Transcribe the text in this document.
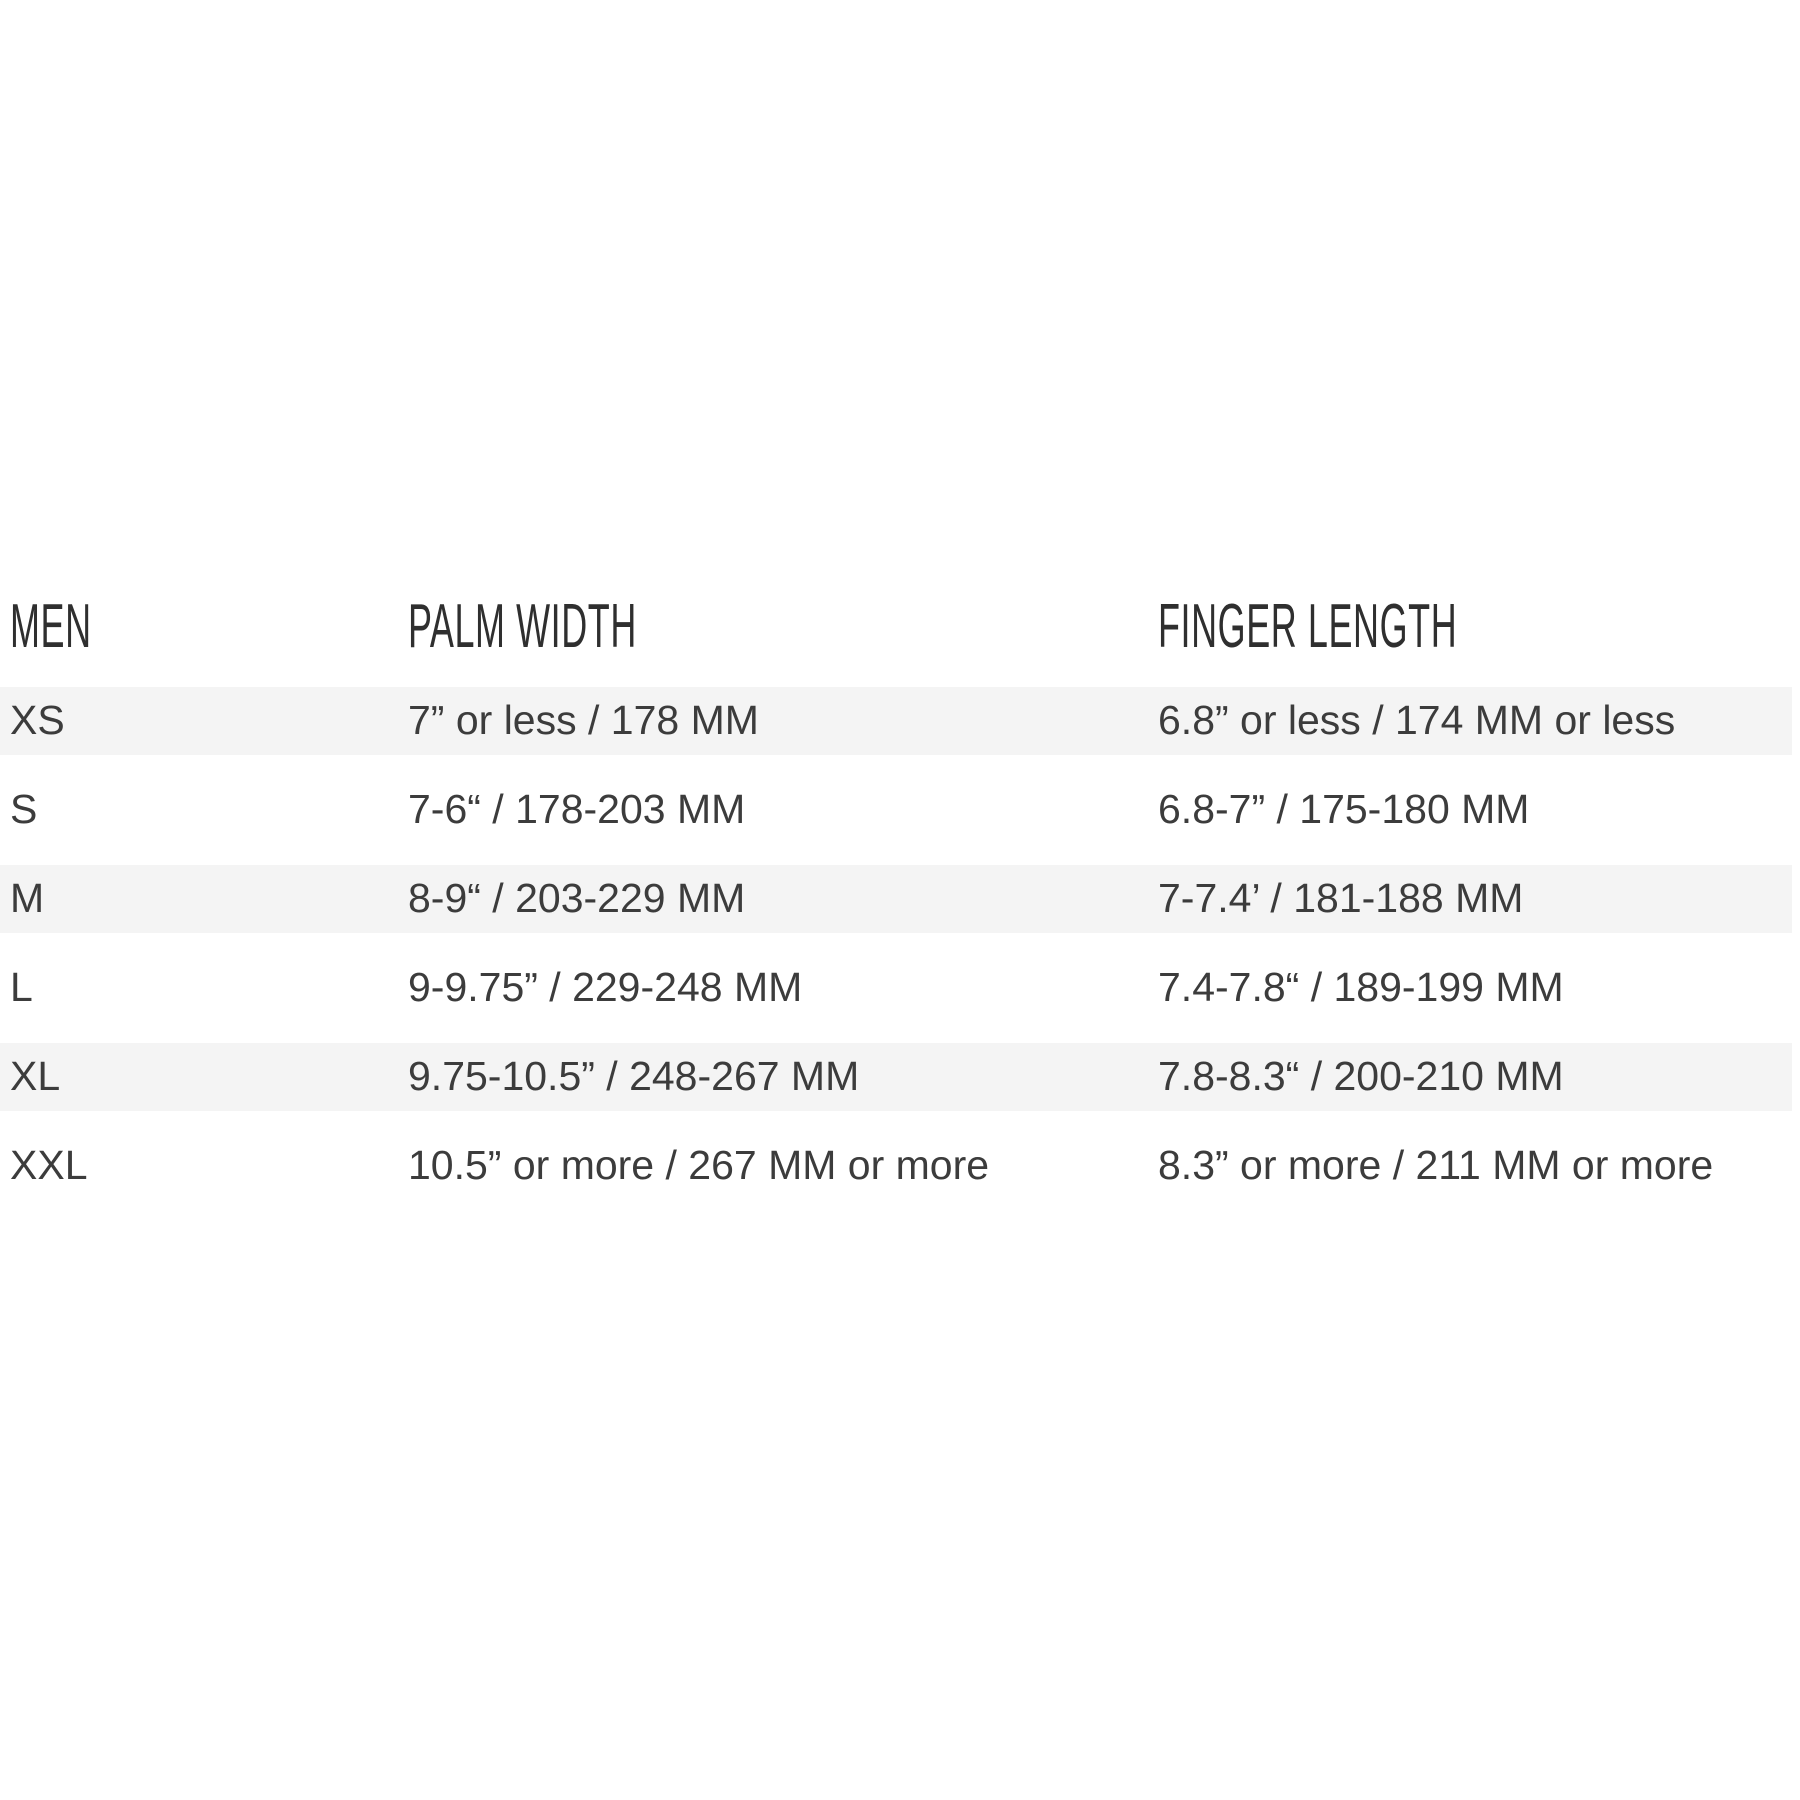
MEN	PALM WIDTH	FINGER LENGTH
XS	7” or less / 178 MM	6.8” or less / 174 MM or less
S	7-6“ / 178-203 MM	6.8-7” / 175-180 MM
M	8-9“ / 203-229 MM	7-7.4’ / 181-188 MM
L	9-9.75” / 229-248 MM	7.4-7.8“ / 189-199 MM
XL	9.75-10.5” / 248-267 MM	7.8-8.3“ / 200-210 MM
XXL	10.5” or more / 267 MM or more	8.3” or more / 211 MM or more
